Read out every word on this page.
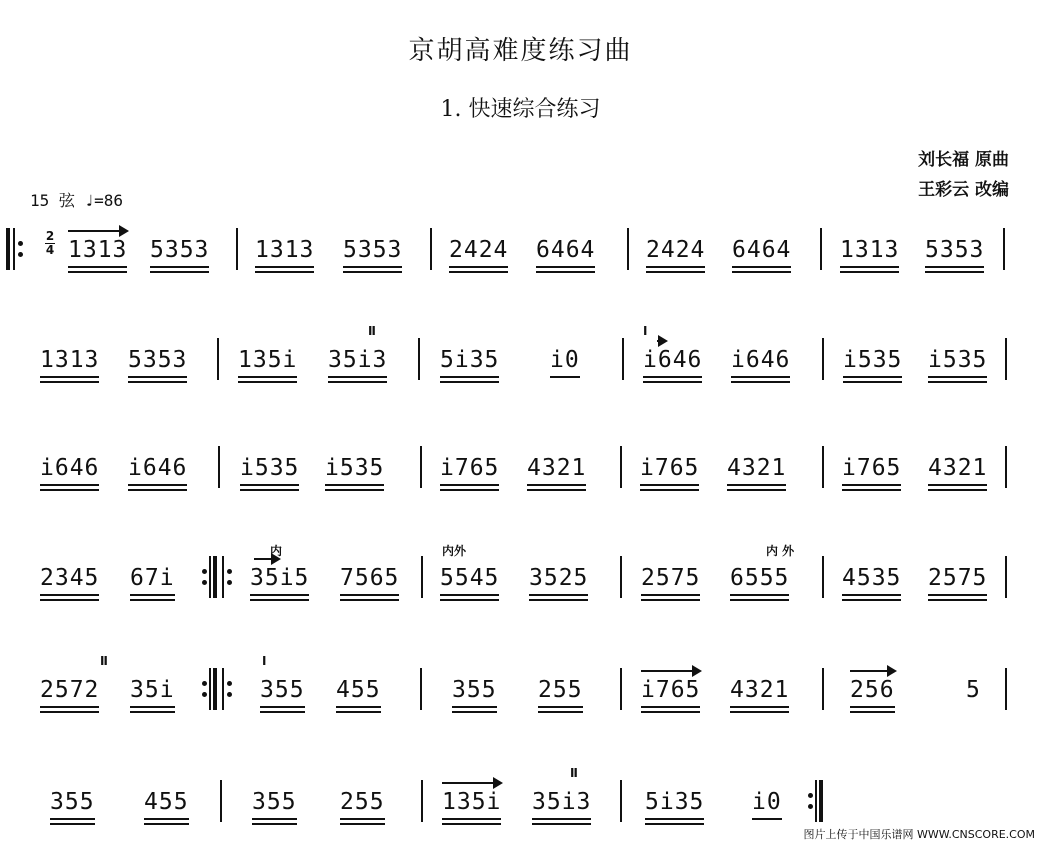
京胡高难度练习曲
1. 快速综合练习
刘长福 原曲
王彩云 改编
15 弦 ♩=86
2
4 1313 5353 1313 5353 2424 6464 2424 6464 1313 5353
1313 5353 135i
Ⅱ
35i3 5i35 i0
Ⅰ
i646 i646 i535 i535
i646 i646 i535 i535 i765 4321 i765 4321 i765 4321
2345 67i
内
35i5 7565
内外
5545 3525 2575
内 外
6555 4535 2575
Ⅱ
2572 35i
Ⅰ
355 455	355 255	i765 4321	256	5
355 455	355 255 135i
Ⅱ
35i3 5i35 i0
图片上传于中国乐谱网 WWW.CNSCORE.COM
